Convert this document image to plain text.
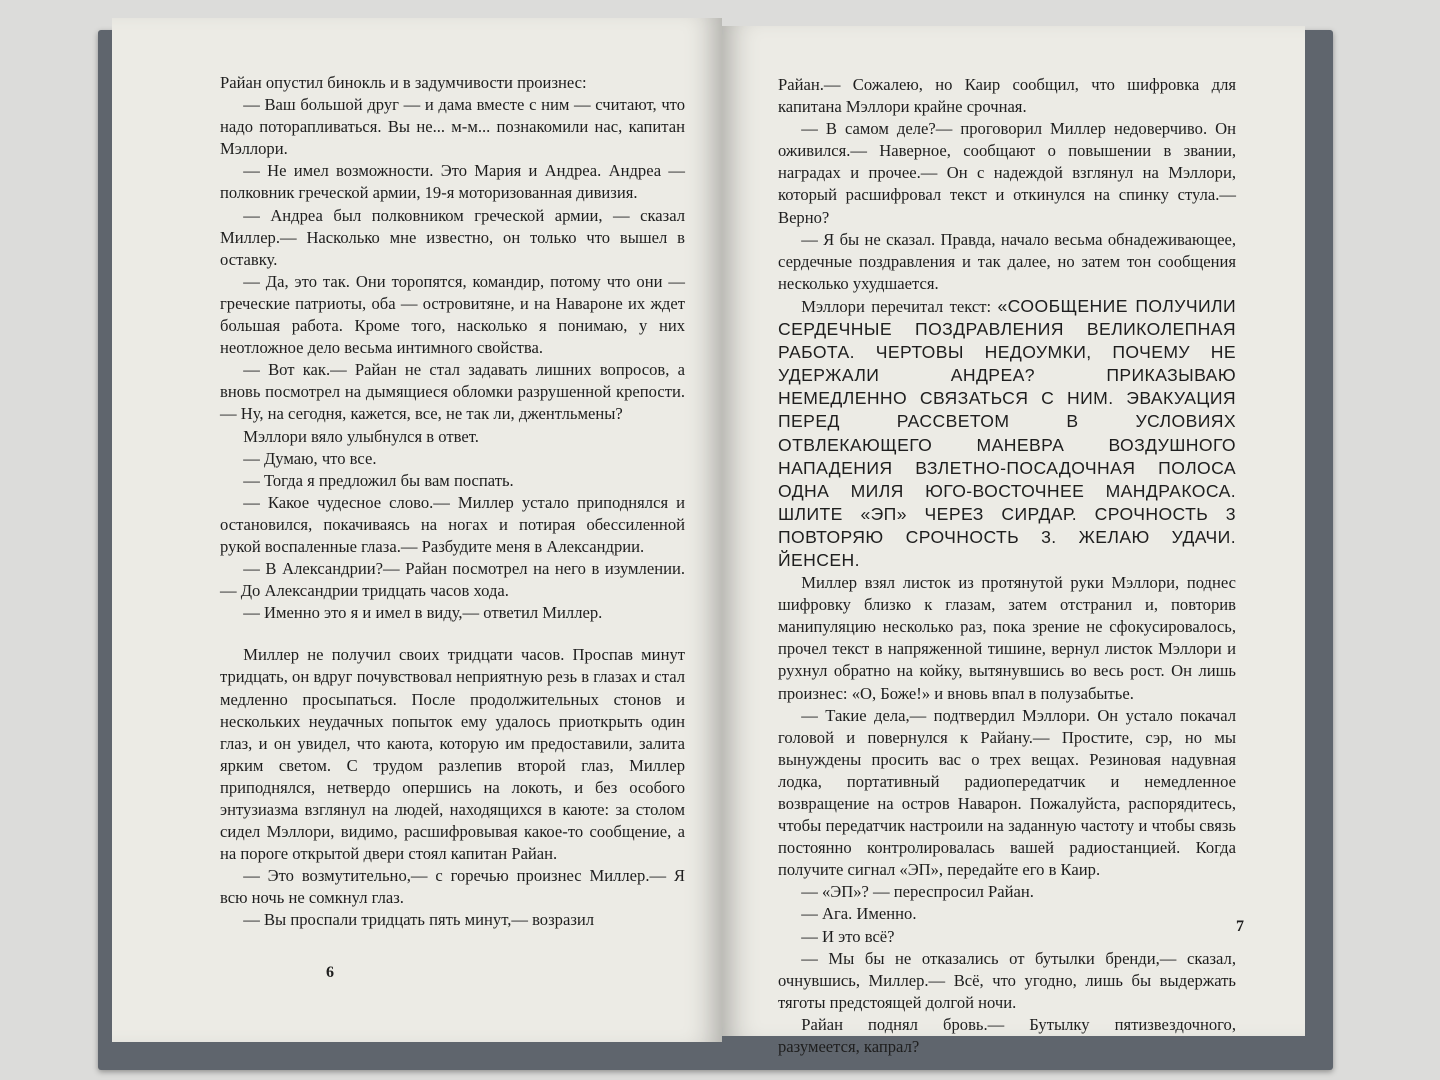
Райан опустил бинокль и в задумчивости произнес:

— Ваш большой друг — и дама вместе с ним — считают, что надо поторапливаться. Вы не... м-м... познакомили нас, капитан Мэллори.

— Не имел возможности. Это Мария и Андреа. Андреа — полковник греческой армии, 19-я моторизованная дивизия.

— Андреа был полковником греческой армии, — сказал Миллер.— Насколько мне известно, он только что вышел в оставку.

— Да, это так. Они торопятся, командир, потому что они — греческие патриоты, оба — островитяне, и на Навароне их ждет большая работа. Кроме того, насколько я понимаю, у них неотложное дело весьма интимного свойства.

— Вот как.— Райан не стал задавать лишних вопросов, а вновь посмотрел на дымящиеся обломки разрушенной крепости.— Ну, на сегодня, кажется, все, не так ли, джентльмены?

Мэллори вяло улыбнулся в ответ.

— Думаю, что все.

— Тогда я предложил бы вам поспать.

— Какое чудесное слово.— Миллер устало приподнялся и остановился, покачиваясь на ногах и потирая обессиленной рукой воспаленные глаза.— Разбудите меня в Александрии.

— В Александрии?— Райан посмотрел на него в изумлении.— До Александрии тридцать часов хода.

— Именно это я и имел в виду,— ответил Миллер.

Миллер не получил своих тридцати часов. Проспав минут тридцать, он вдруг почувствовал неприятную резь в глазах и стал медленно просыпаться. После продолжительных стонов и нескольких неудачных попыток ему удалось приоткрыть один глаз, и он увидел, что каюта, которую им предоставили, залита ярким светом. С трудом разлепив второй глаз, Миллер приподнялся, нетвердо опершись на локоть, и без особого энтузиазма взглянул на людей, находящихся в каюте: за столом сидел Мэллори, видимо, расшифровывая какое-то сообщение, а на пороге открытой двери стоял капитан Райан.

— Это возмутительно,— с горечью произнес Миллер.— Я всю ночь не сомкнул глаз.

— Вы проспали тридцать пять минут,— возразил

6

Райан.— Сожалею, но Каир сообщил, что шифровка для капитана Мэллори крайне срочная.

— В самом деле?— проговорил Миллер недоверчиво. Он оживился.— Наверное, сообщают о повышении в звании, наградах и прочее.— Он с надеждой взглянул на Мэллори, который расшифровал текст и откинулся на спинку стула.— Верно?

— Я бы не сказал. Правда, начало весьма обнадеживающее, сердечные поздравления и так далее, но затем тон сообщения несколько ухудшается.

Мэллори перечитал текст: «СООБЩЕНИЕ ПОЛУЧИЛИ СЕРДЕЧНЫЕ ПОЗДРАВЛЕНИЯ ВЕЛИКОЛЕПНАЯ РАБОТА. ЧЕРТОВЫ НЕДОУМКИ, ПОЧЕМУ НЕ УДЕРЖАЛИ АНДРЕА? ПРИКАЗЫВАЮ НЕМЕДЛЕННО СВЯЗАТЬСЯ С НИМ. ЭВАКУАЦИЯ ПЕРЕД РАССВЕТОМ В УСЛОВИЯХ ОТВЛЕКАЮЩЕГО МАНЕВРА ВОЗДУШНОГО НАПАДЕНИЯ ВЗЛЕТНО-ПОСАДОЧНАЯ ПОЛОСА ОДНА МИЛЯ ЮГО-ВОСТОЧНЕЕ МАНДРАКОСА. ШЛИТЕ «ЭП» ЧЕРЕЗ СИРДАР. СРОЧНОСТЬ 3 ПОВТОРЯЮ СРОЧНОСТЬ 3. ЖЕЛАЮ УДАЧИ. ЙЕНСЕН.

Миллер взял листок из протянутой руки Мэллори, поднес шифровку близко к глазам, затем отстранил и, повторив манипуляцию несколько раз, пока зрение не сфокусировалось, прочел текст в напряженной тишине, вернул листок Мэллори и рухнул обратно на койку, вытянувшись во весь рост. Он лишь произнес: «О, Боже!» и вновь впал в полузабытье.

— Такие дела,— подтвердил Мэллори. Он устало покачал головой и повернулся к Райану.— Простите, сэр, но мы вынуждены просить вас о трех вещах. Резиновая надувная лодка, портативный радиопередатчик и немедленное возвращение на остров Наварон. Пожалуйста, распорядитесь, чтобы передатчик настроили на заданную частоту и чтобы связь постоянно контролировалась вашей радиостанцией. Когда получите сигнал «ЭП», передайте его в Каир.

— «ЭП»? — переспросил Райан.

— Ага. Именно.

— И это всё?

— Мы бы не отказались от бутылки бренди,— сказал, очнувшись, Миллер.— Всё, что угодно, лишь бы выдержать тяготы предстоящей долгой ночи.

Райан поднял бровь.— Бутылку пятизвездочного, разумеется, капрал?

7
